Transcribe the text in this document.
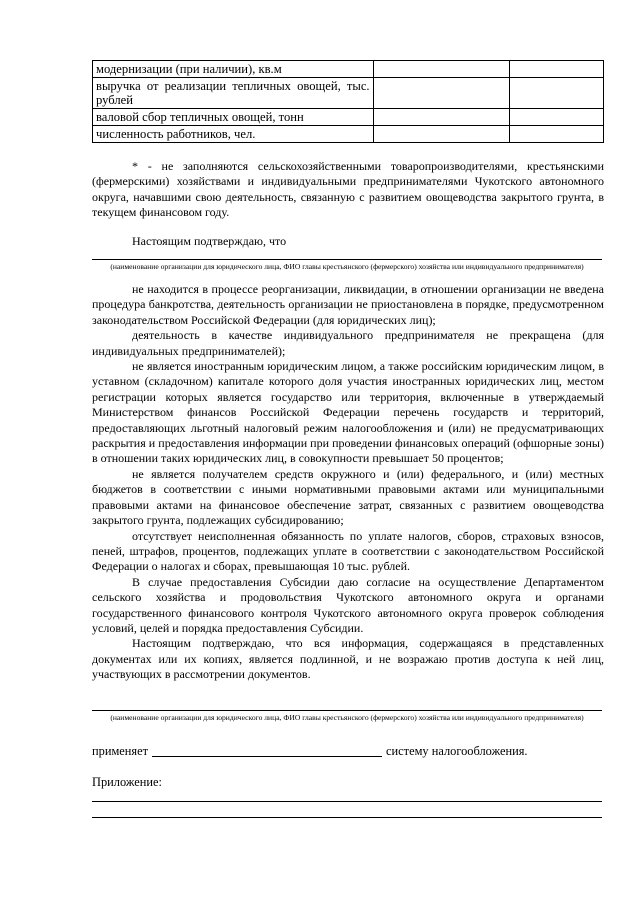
модернизации (при наличии), кв.м		
выручка от реализации тепличных овощей, тыс. рублей		
валовой сбор тепличных овощей, тонн		
численность работников, чел.		

* - не заполняются сельскохозяйственными товаропроизводителями, крестьянскими (фермерскими) хозяйствами и индивидуальными предпринимателями Чукотского автономного округа, начавшими свою деятельность, связанную с развитием овощеводства закрытого грунта, в текущем финансовом году.

Настоящим подтверждаю, что
(наименование организации для юридического лица, ФИО главы крестьянского (фермерского) хозяйства или индивидуального предпринимателя)

не находится в процессе реорганизации, ликвидации, в отношении организации не введена процедура банкротства, деятельность организации не приостановлена в порядке, предусмотренном законодательством Российской Федерации (для юридических лиц);

деятельность в качестве индивидуального предпринимателя не прекращена (для индивидуальных предпринимателей);

не является иностранным юридическим лицом, а также российским юридическим лицом, в уставном (складочном) капитале которого доля участия иностранных юридических лиц, местом регистрации которых является государство или территория, включенные в утверждаемый Министерством финансов Российской Федерации перечень государств и территорий, предоставляющих льготный налоговый режим налогообложения и (или) не предусматривающих раскрытия и предоставления информации при проведении финансовых операций (офшорные зоны) в отношении таких юридических лиц, в совокупности превышает 50 процентов;

не является получателем средств окружного и (или) федерального, и (или) местных бюджетов в соответствии с иными нормативными правовыми актами или муниципальными правовыми актами на финансовое обеспечение затрат, связанных с развитием овощеводства закрытого грунта, подлежащих субсидированию;

отсутствует неисполненная обязанность по уплате налогов, сборов, страховых взносов, пеней, штрафов, процентов, подлежащих уплате в соответствии с законодательством Российской Федерации о налогах и сборах, превышающая 10 тыс. рублей.

В случае предоставления Субсидии даю согласие на осуществление Департаментом сельского хозяйства и продовольствия Чукотского автономного округа и органами государственного финансового контроля Чукотского автономного округа проверок соблюдения условий, целей и порядка предоставления Субсидии.

Настоящим подтверждаю, что вся информация, содержащаяся в представленных документах или их копиях, является подлинной, и не возражаю против доступа к ней лиц, участвующих в рассмотрении документов.

(наименование организации для юридического лица, ФИО главы крестьянского (фермерского) хозяйства или индивидуального предпринимателя)
применяет	систему налогообложения.
Приложение:
